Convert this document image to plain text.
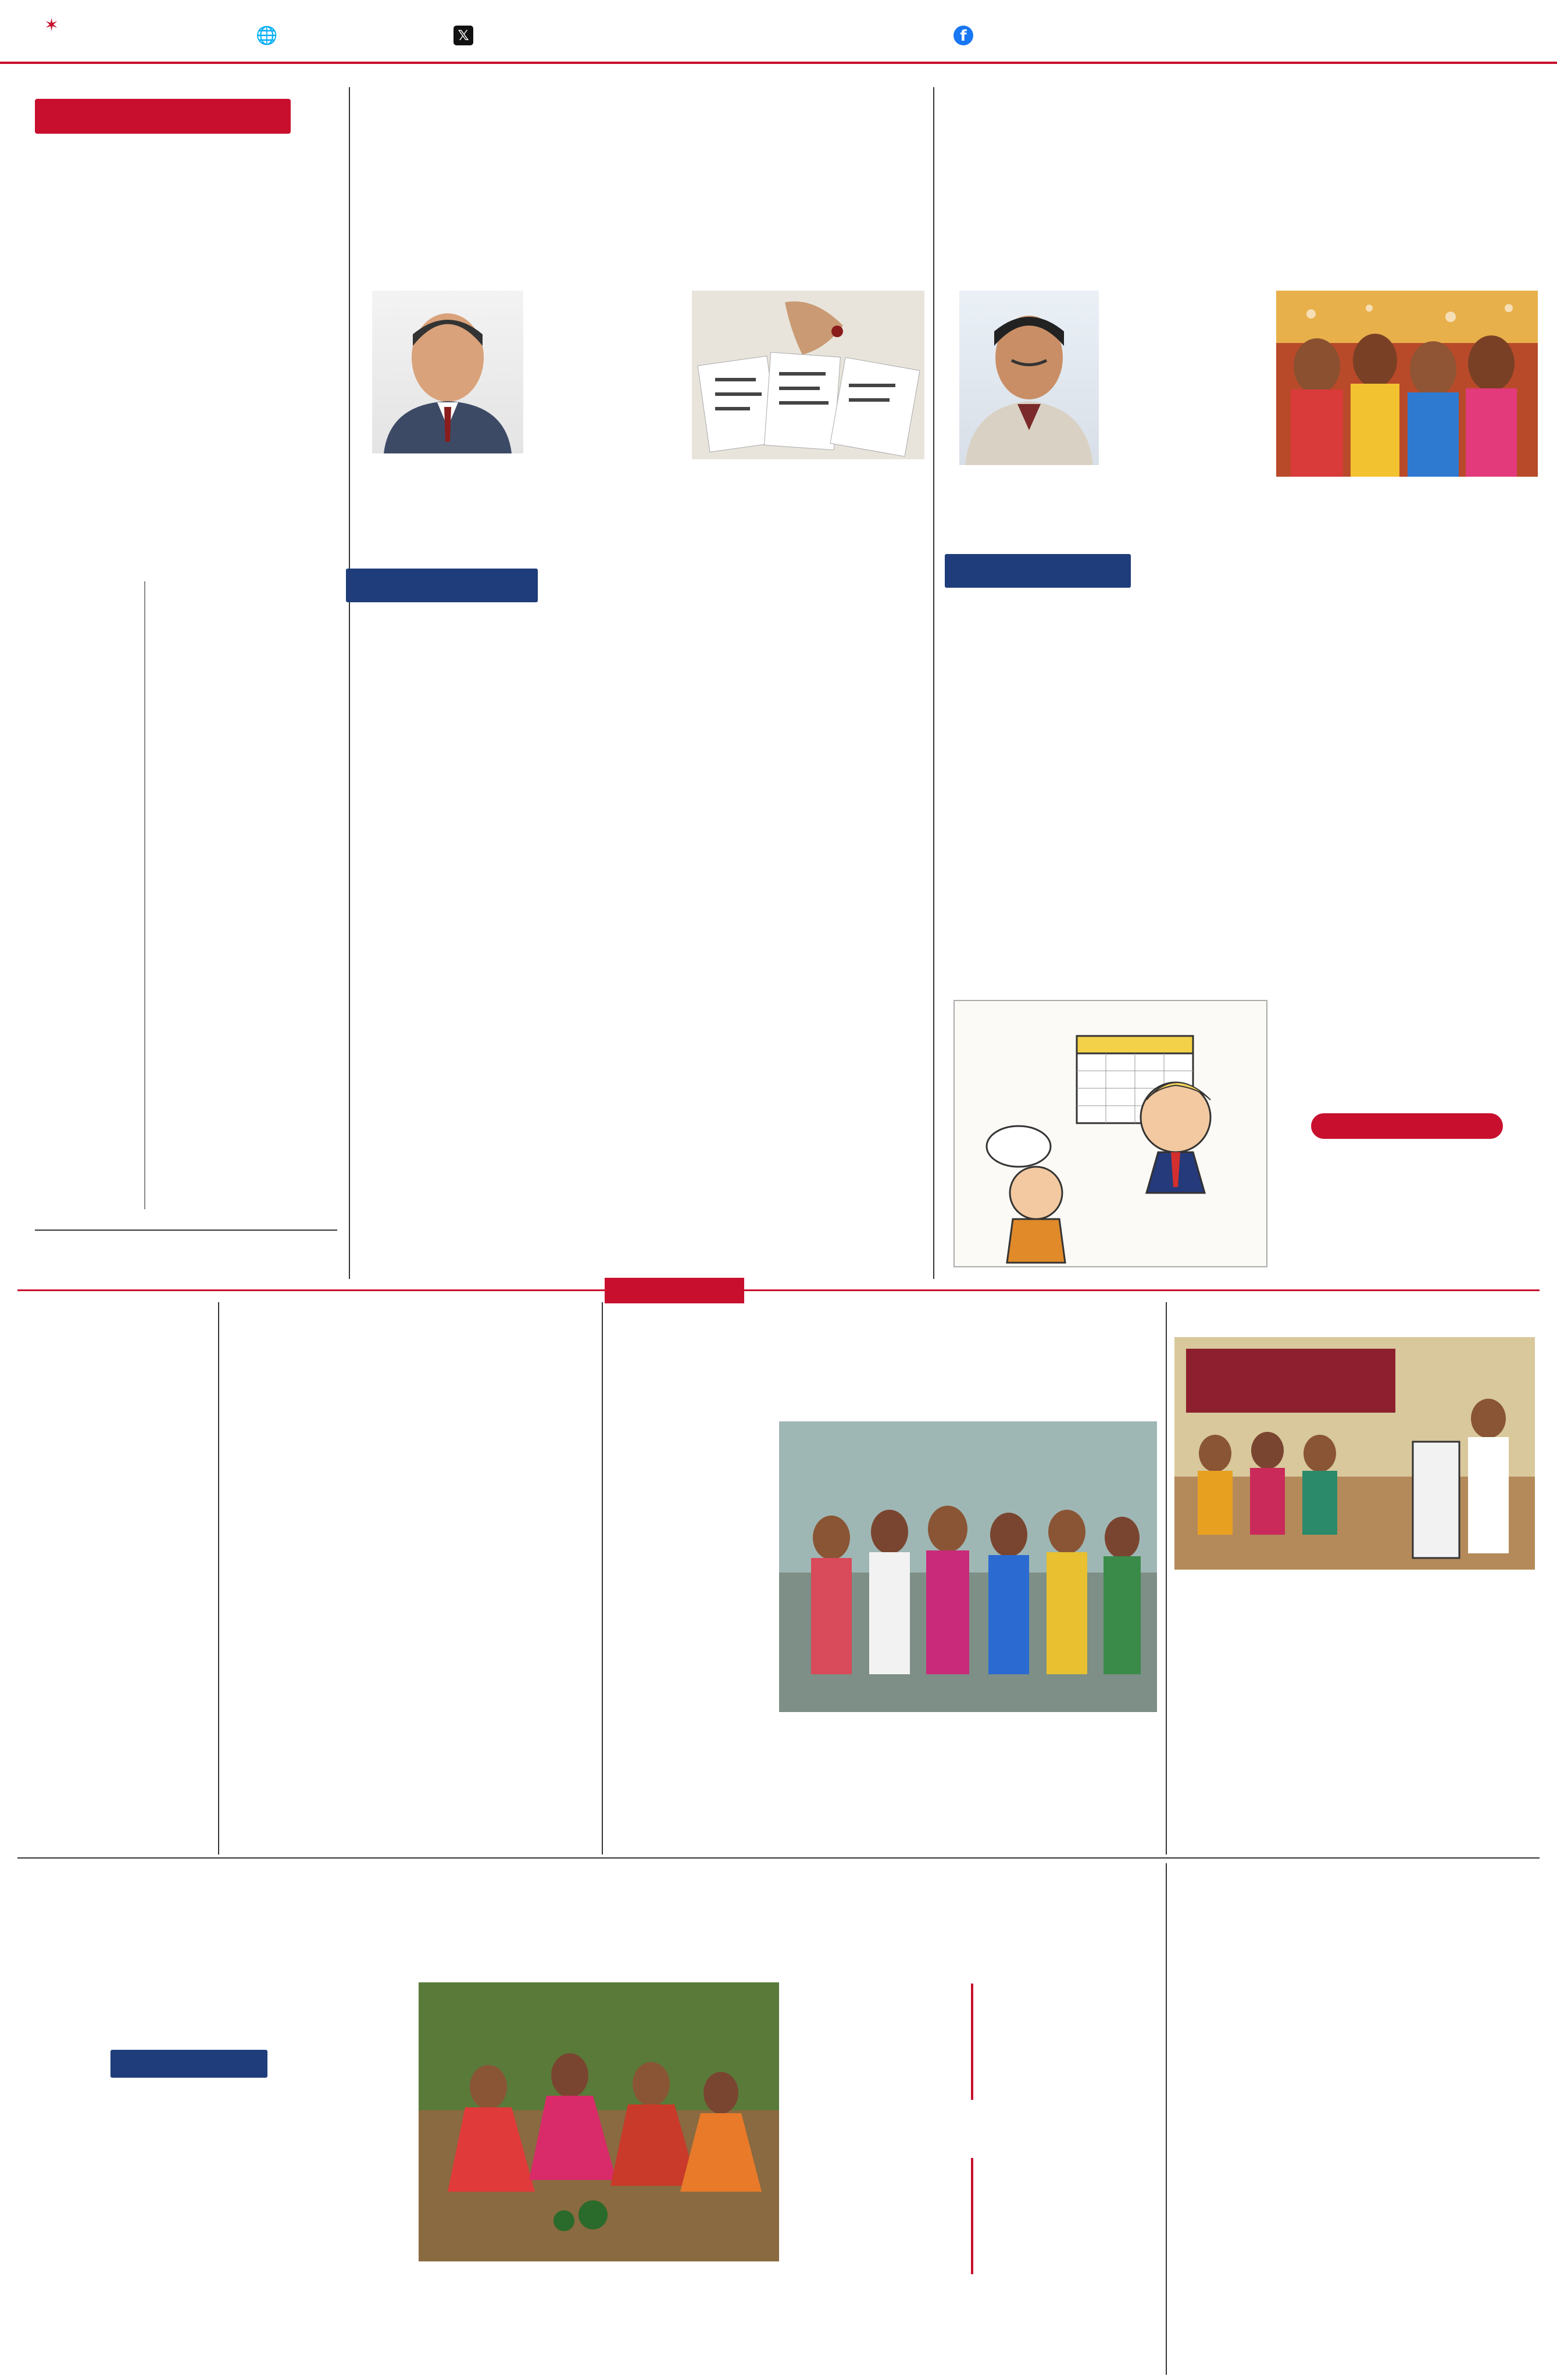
✶
🌐	𝕏	f
